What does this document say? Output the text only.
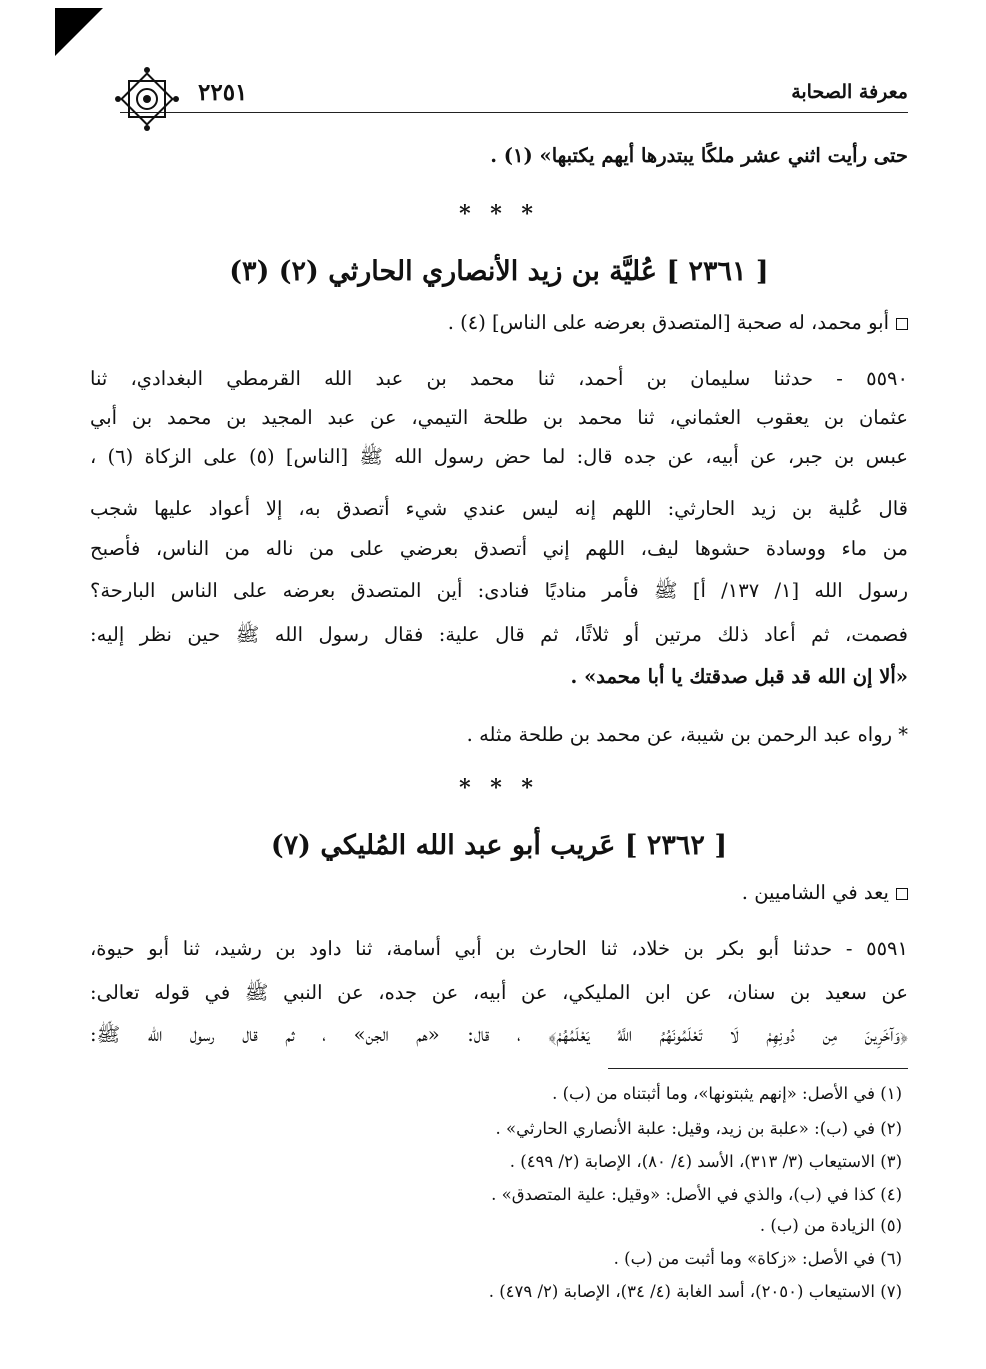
معرفة الصحابة
٢٢٥١
حتى رأيت اثني عشر ملكًا يبتدرها أيهم يكتبها» (١) .
* * *
[ ٢٣٦١ ] عُليَّة بن زيد الأنصاري الحارثي (٢) (٣)
أبو محمد، له صحبة [المتصدق بعرضه على الناس] (٤) .
٥٥٩٠ - حدثنا سليمان بن أحمد، ثنا محمد بن عبد الله القرمطي البغدادي، ثنا
عثمان بن يعقوب العثماني، ثنا محمد بن طلحة التيمي، عن عبد المجيد بن محمد بن أبي
عبس بن جبر، عن أبيه، عن جده قال: لما حض رسول الله ﷺ [الناس] (٥) على الزكاة (٦) ،
قال عُلية بن زيد الحارثي: اللهم إنه ليس عندي شيء أتصدق به، إلا أعواد عليها شجب
من ماء ووسادة حشوها ليف، اللهم إني أتصدق بعرضي على من ناله من الناس، فأصبح
رسول الله [١/ ١٣٧/ أ] ﷺ فأمر مناديًا فنادى: أين المتصدق بعرضه على الناس البارحة؟
فصمت، ثم أعاد ذلك مرتين أو ثلاثًا، ثم قال علية: فقال رسول الله ﷺ حين نظر إليه:
«ألا إن الله قد قبل صدقتك يا أبا محمد» .
* رواه عبد الرحمن بن شيبة، عن محمد بن طلحة مثله .
* * *
[ ٢٣٦٢ ] عَريب أبو عبد الله المُليكي (٧)
يعد في الشاميين .
٥٥٩١ - حدثنا أبو بكر بن خلاد، ثنا الحارث بن أبي أسامة، ثنا داود بن رشيد، ثنا أبو حيوة،
عن سعيد بن سنان، عن ابن المليكي، عن أبيه، عن جده، عن النبي ﷺ في قوله تعالى:
﴿وَآخَرِينَ مِن دُونِهِمْ لَا تَعْلَمُونَهُمُ اللَّهُ يَعْلَمُهُمْ﴾ ، قال: «هم الجن» ، ثم قال رسول الله ﷺ:
(١) في الأصل: «إنهم يثبتونها»، وما أثبتناه من (ب) .
(٢) في (ب): «علبة بن زيد، وقيل: علبة الأنصاري الحارثي» .
(٣) الاستيعاب (٣/ ٣١٣)، الأسد (٤/ ٨٠)، الإصابة (٢/ ٤٩٩) .
(٤) كذا في (ب)، والذي في الأصل: «وقيل: علية المتصدق» .
(٥) الزيادة من (ب) .
(٦) في الأصل: «زكاة» وما أثبت من (ب) .
(٧) الاستيعاب (٢٠٥٠)، أسد الغابة (٤/ ٣٤)، الإصابة (٢/ ٤٧٩) .
